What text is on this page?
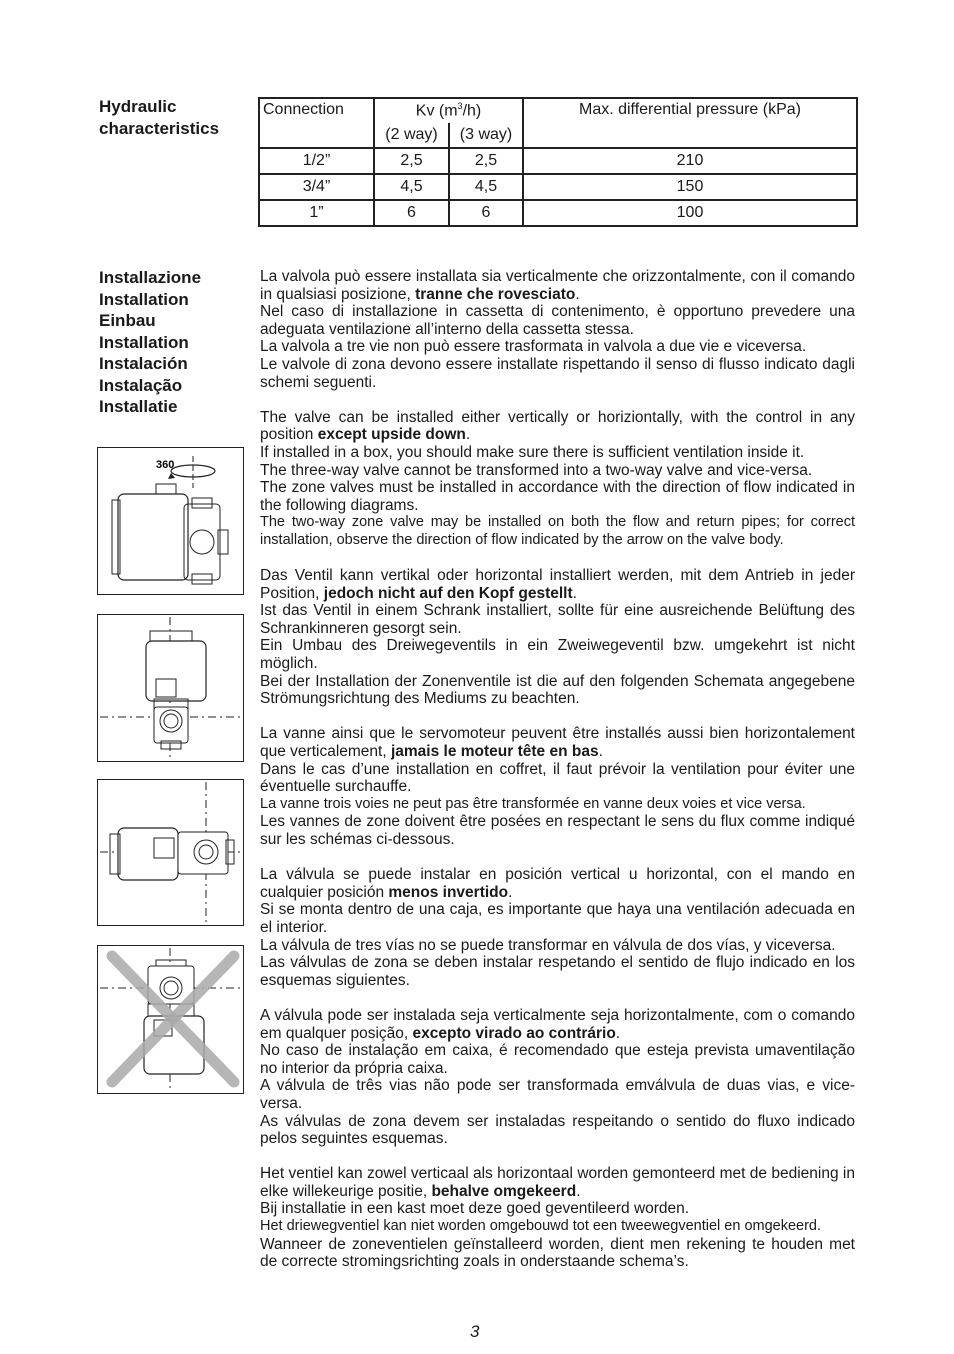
Hydraulic
characteristics
Connection	Kv $(m^3/h)$		Max. differential pressure (kPa)
	(2 way)	(3 way)	
1/2”	2,5	2,5	210
3/4”	4,5	4,5	150
1”	6	6	100
Installazione
Installation
Einbau
Installation
Instalación
Instalação
Installatie
360

La valvola può essere installata sia verticalmente che orizzontalmente, con il comando in qualsiasi posizione, tranne che rovesciato.
Nel caso di installazione in cassetta di contenimento, è opportuno prevedere una adeguata ventilazione all’interno della cassetta stessa.
La valvola a tre vie non può essere trasformata in valvola a due vie e viceversa.
Le valvole di zona devono essere installate rispettando il senso di flusso indicato dagli schemi seguenti.

The valve can be installed either vertically or horiziontally, with the control in any position except upside down.
If installed in a box, you should make sure there is sufficient ventilation inside it.
The three-way valve cannot be transformed into a two-way valve and vice-versa.
The zone valves must be installed in accordance with the direction of flow indicated in the following diagrams.
The two-way zone valve may be installed on both the flow and return pipes; for correct installation, observe the direction of flow indicated by the arrow on the valve body.

Das Ventil kann vertikal oder horizontal installiert werden, mit dem Antrieb in jeder Position, jedoch nicht auf den Kopf gestellt.
Ist das Ventil in einem Schrank installiert, sollte für eine ausreichende Belüftung des Schrankinneren gesorgt sein.
Ein Umbau des Dreiwegeventils in ein Zweiwegeventil bzw. umgekehrt ist nicht möglich.
Bei der Installation der Zonenventile ist die auf den folgenden Schemata angegebene Strömungsrichtung des Mediums zu beachten.

La vanne ainsi que le servomoteur peuvent être installés aussi bien horizontalement que verticalement, jamais le moteur tête en bas.
Dans le cas d’une installation en coffret, il faut prévoir la ventilation pour éviter une éventuelle surchauffe.
La vanne trois voies ne peut pas être transformée en vanne deux voies et vice versa.
Les vannes de zone doivent être posées en respectant le sens du flux comme indiqué sur les schémas ci-dessous.

La válvula se puede instalar en posición vertical u horizontal, con el mando en cualquier posición menos invertido.
Si se monta dentro de una caja, es importante que haya una ventilación adecuada en el interior.
La válvula de tres vías no se puede transformar en válvula de dos vías, y viceversa.
Las válvulas de zona se deben instalar respetando el sentido de flujo indicado en los esquemas siguientes.

A válvula pode ser instalada seja verticalmente seja horizontalmente, com o comando em qualquer posição, excepto virado ao contrário.
No caso de instalação em caixa, é recomendado que esteja prevista umaventilação no interior da própria caixa.
A válvula de três vias não pode ser transformada emválvula de duas vias, e vice-versa.
As válvulas de zona devem ser instaladas respeitando o sentido do fluxo indicado pelos seguintes esquemas.

Het ventiel kan zowel verticaal als horizontaal worden gemonteerd met de bediening in elke willekeurige positie, behalve omgekeerd.
Bij installatie in een kast moet deze goed geventileerd worden.
Het driewegventiel kan niet worden omgebouwd tot een tweewegventiel en omgekeerd.
Wanneer de zoneventielen geïnstalleerd worden, dient men rekening te houden met de correcte stromingsrichting zoals in onderstaande schema’s.

3
